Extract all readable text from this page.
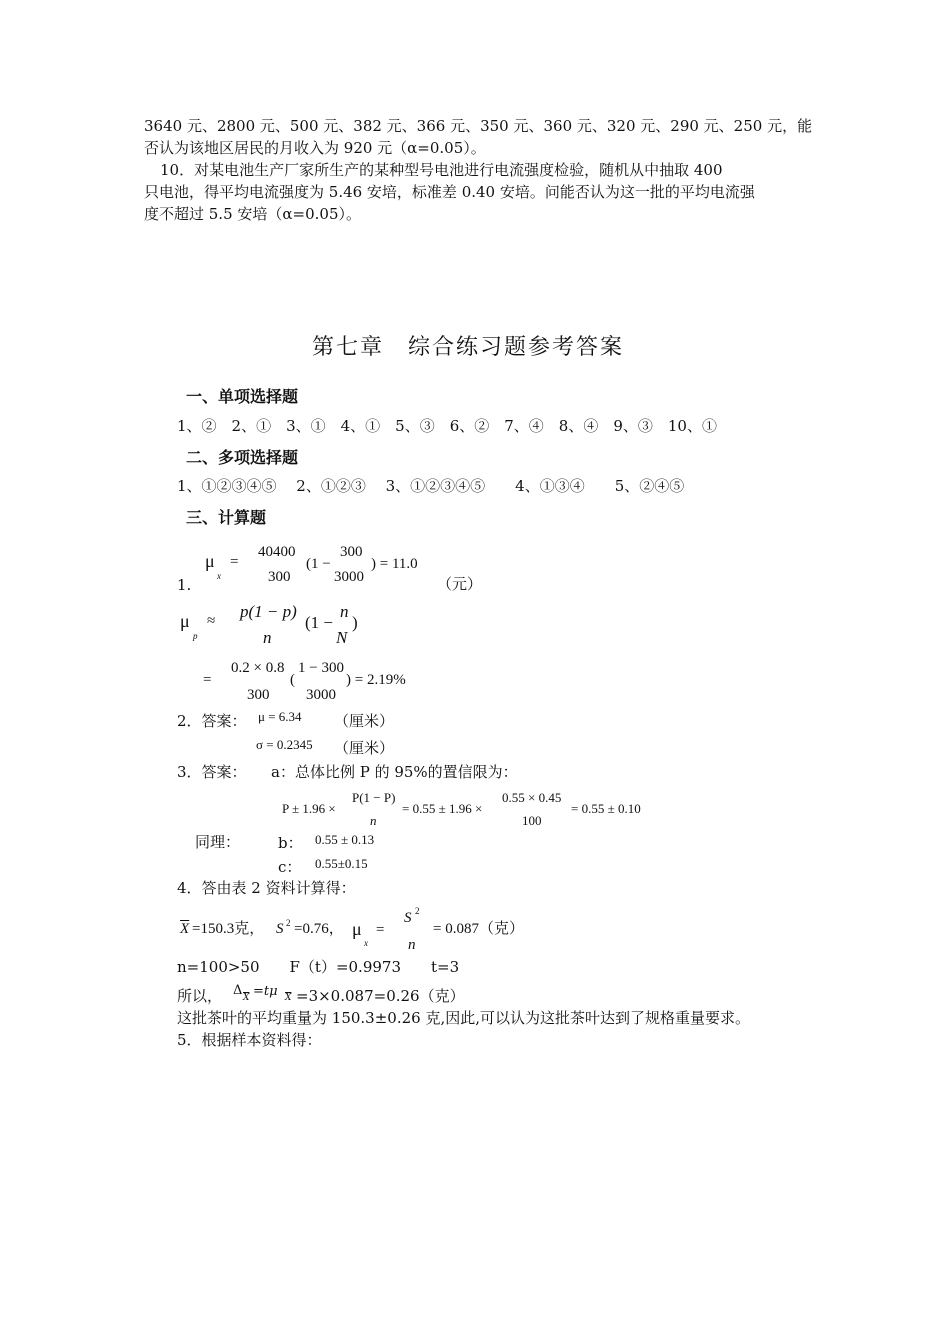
3640 元、2800 元、500 元、382 元、366 元、350 元、360 元、320 元、290 元、250 元，能
否认为该地区居民的月收入为 920 元（α=0.05）。
10．对某电池生产厂家所生产的某种型号电池进行电流强度检验，随机从中抽取 400
只电池，得平均电流强度为 5.46 安培，标准差 0.40 安培。问能否认为这一批的平均电流强
度不超过 5.5 安培（α=0.05）。
第七章　综合练习题参考答案
一、单项选择题
1、②　2、①　3、①　4、①　5、③　6、②　7、④　8、④　9、③　10、①
二、多项选择题
1、①②③④⑤　 2、①②③　 3、①②③④⑤　　4、①③④　　5、②④⑤
三、计算题
μ
x
=
40400
300
(1 −
300
3000
) = 11.0
1.	（元）
μ
p
≈ p(1 − p)
n
(1 −
n
N
)
=
0.2 × 0.8
300
(
1 − 300
3000
) = 2.19%
2．答案： μ = 6.34 （厘米）
σ = 0.2345 （厘米）
3．答案： a：总体比例 P 的 95%的置信限为：
P ± 1.96 ×
P(1 − P)
n
= 0.55 ± 1.96 ×
0.55 × 0.45
100
= 0.55 ± 0.10
同理：	b： 0.55 ± 0.13
c： 0.55±0.15
4．答由表 2 资料计算得：
$\overline{X} =150.3$克， S 2 =0.76， μ
x
=
S 2
n
= 0.087（克）
n=100>50　　F（t）=0.9973　　t=3
所以， Δ $\overline{X} =t\mu$ $\overline{X} =3\times 0.087=0.26$（克）
这批茶叶的平均重量为 150.3±0.26 克,因此,可以认为这批茶叶达到了规格重量要求。
5．根据样本资料得：
